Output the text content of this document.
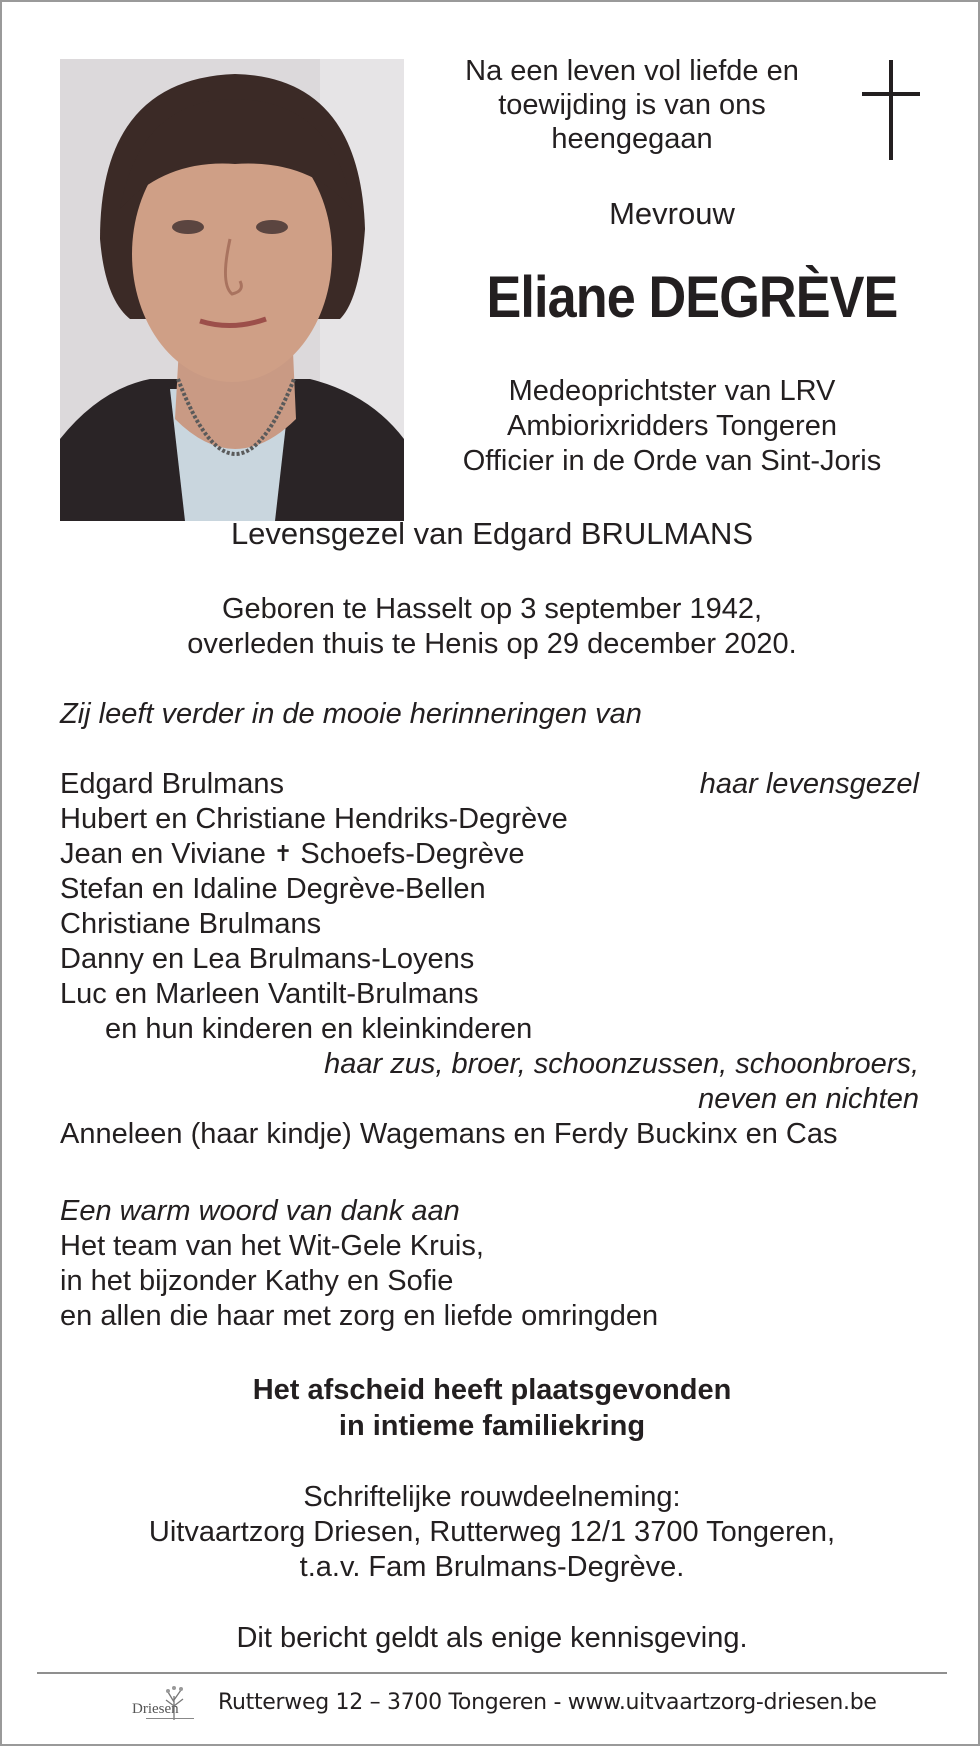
Na een leven vol liefde en
toewijding is van ons
heengegaan
Mevrouw
Eliane DEGRÈVE
Medeoprichtster van LRV
Ambiorixridders Tongeren
Officier in de Orde van Sint-Joris
Levensgezel van Edgard BRULMANS
Geboren te Hasselt op 3 september 1942,
overleden thuis te Henis op 29 december 2020.
Zij leeft verder in de mooie herinneringen van
Edgard Brulmans	haar levensgezel
Hubert en Christiane Hendriks-Degrève
Jean en Viviane ✝ Schoefs-Degrève
Stefan en Idaline Degrève-Bellen
Christiane Brulmans
Danny en Lea Brulmans-Loyens
Luc en Marleen Vantilt-Brulmans
en hun kinderen en kleinkinderen
haar zus, broer, schoonzussen, schoonbroers,
neven en nichten
Anneleen (haar kindje) Wagemans en Ferdy Buckinx en Cas
Een warm woord van dank aan
Het team van het Wit-Gele Kruis,
in het bijzonder Kathy en Sofie
en allen die haar met zorg en liefde omringden
Het afscheid heeft plaatsgevonden
in intieme familiekring
Schriftelijke rouwdeelneming:
Uitvaartzorg Driesen, Rutterweg 12/1 3700 Tongeren,
t.a.v. Fam Brulmans-Degrève.
Dit bericht geldt als enige kennisgeving.
Driesen Rutterweg 12 – 3700 Tongeren - www.uitvaartzorg-driesen.be
